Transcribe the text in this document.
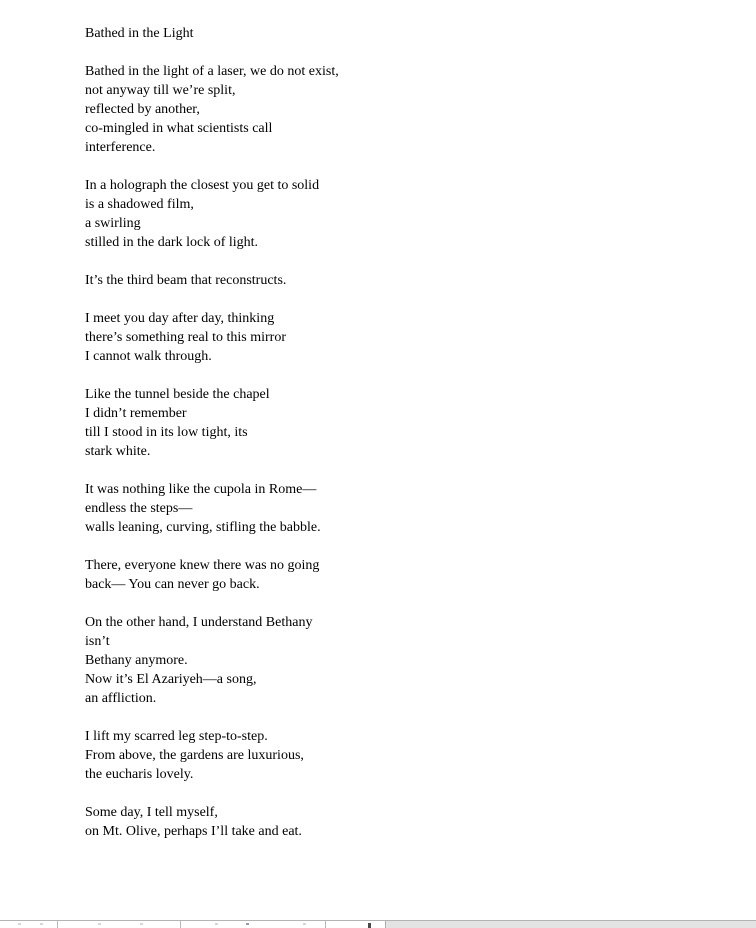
Bathed in the Light
Bathed in the light of a laser, we do not exist,
not anyway till we’re split,
reflected by another,
co-mingled in what scientists call
interference.
In a holograph the closest you get to solid
is a shadowed film,
a swirling
stilled in the dark lock of light.
It’s the third beam that reconstructs.
I meet you day after day, thinking
there’s something real to this mirror
I cannot walk through.
Like the tunnel beside the chapel
I didn’t remember
till I stood in its low tight, its
stark white.
It was nothing like the cupola in Rome—
endless the steps—
walls leaning, curving, stifling the babble.
There, everyone knew there was no going
back— You can never go back.
On the other hand, I understand Bethany
isn’t
Bethany anymore.
Now it’s El Azariyeh—a song,
an affliction.
I lift my scarred leg step-to-step.
From above, the gardens are luxurious,
the eucharis lovely.
Some day, I tell myself,
on Mt. Olive, perhaps I’ll take and eat.
